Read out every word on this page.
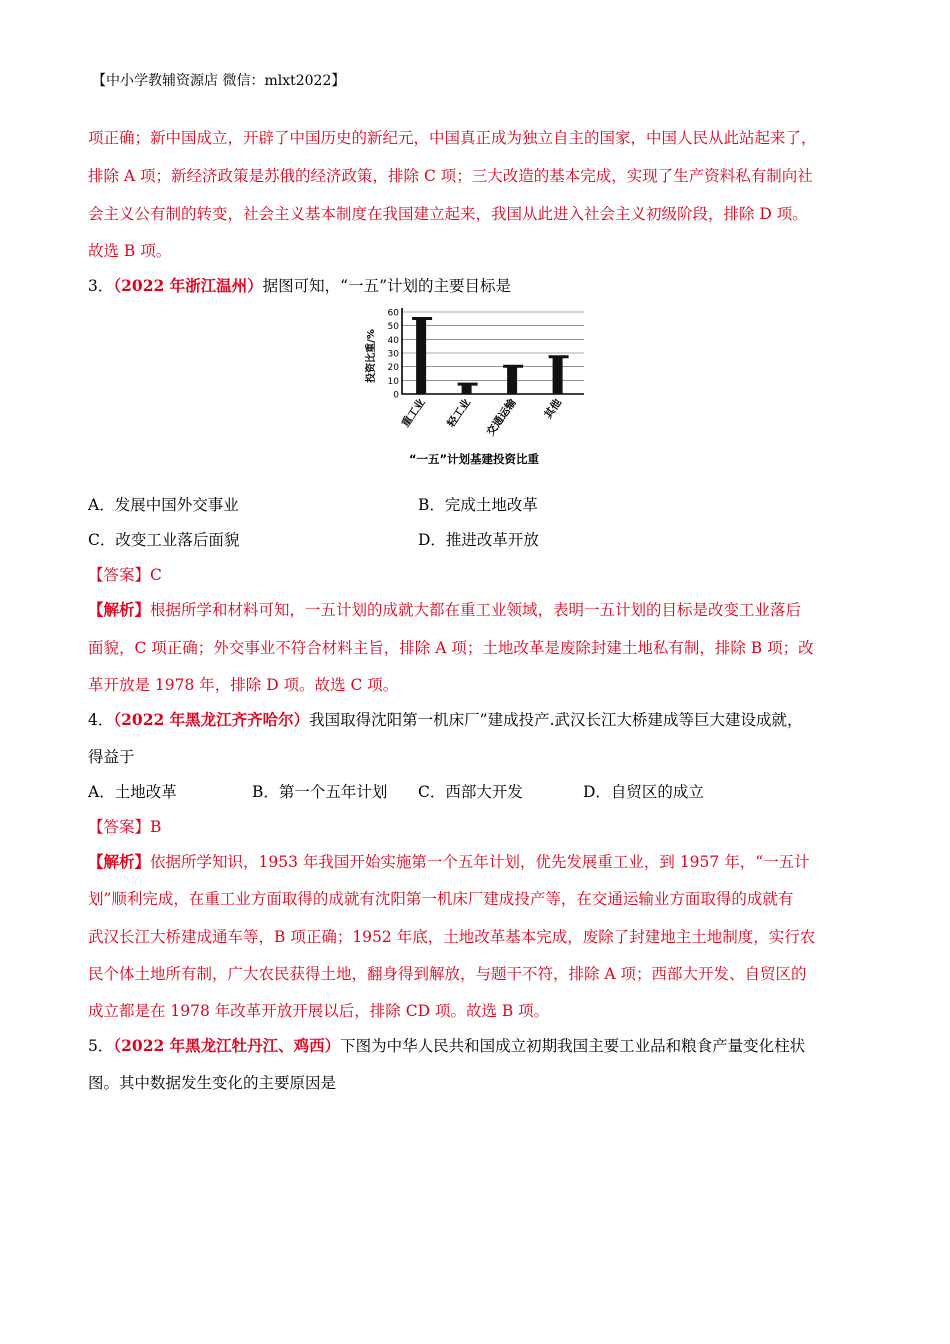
【中小学教辅资源店 微信：mlxt2022】
项正确；新中国成立，开辟了中国历史的新纪元，中国真正成为独立自主的国家，中国人民从此站起来了，
排除 A 项；新经济政策是苏俄的经济政策，排除 C 项；三大改造的基本完成，实现了生产资料私有制向社
会主义公有制的转变，社会主义基本制度在我国建立起来，我国从此进入社会主义初级阶段，排除 D 项。
故选 B 项。
3．（2022 年浙江温州）据图可知，“一五”计划的主要目标是
0
10
20
30
40
50
60
重工业 轻工业 交通运输 其他
投资比重/%
“一五”计划基建投资比重
A．发展中国外交事业	B．完成土地改革
C．改变工业落后面貌	D．推进改革开放
【答案】C
【解析】根据所学和材料可知，一五计划的成就大都在重工业领域，表明一五计划的目标是改变工业落后
面貌，C 项正确；外交事业不符合材料主旨，排除 A 项；土地改革是废除封建土地私有制，排除 B 项；改
革开放是 1978 年，排除 D 项。故选 C 项。
4．（2022 年黑龙江齐齐哈尔）我国取得沈阳第一机床厂”建成投产.武汉长江大桥建成等巨大建设成就，
得益于
A．土地改革	B．第一个五年计划 C．西部大开发	D．自贸区的成立
【答案】B
【解析】依据所学知识，1953 年我国开始实施第一个五年计划，优先发展重工业，到 1957 年，“一五计
划”顺利完成，在重工业方面取得的成就有沈阳第一机床厂建成投产等，在交通运输业方面取得的成就有
武汉长江大桥建成通车等，B 项正确；1952 年底，土地改革基本完成，废除了封建地主土地制度，实行农
民个体土地所有制，广大农民获得土地，翻身得到解放，与题干不符，排除 A 项；西部大开发、自贸区的
成立都是在 1978 年改革开放开展以后，排除 CD 项。故选 B 项。
5．（2022 年黑龙江牡丹江、鸡西）下图为中华人民共和国成立初期我国主要工业品和粮食产量变化柱状
图。其中数据发生变化的主要原因是
